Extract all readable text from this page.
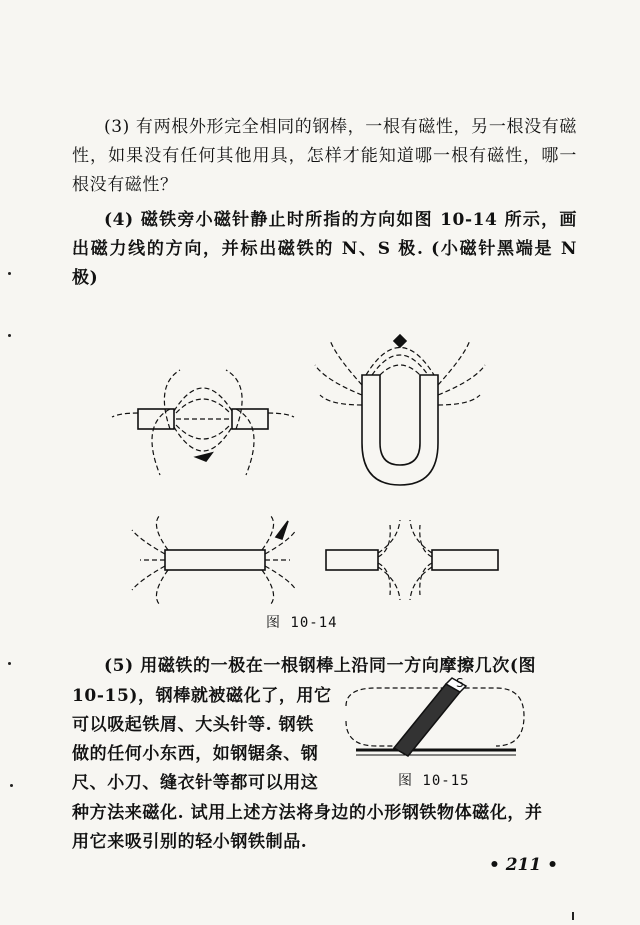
(3) 有两根外形完全相同的钢棒，一根有磁性，另一根没有磁性，如果没有任何其他用具，怎样才能知道哪一根有磁性，哪一根没有磁性？
(4) 磁铁旁小磁针静止时所指的方向如图 10-14 所示，画出磁力线的方向，并标出磁铁的 N、S 极. (小磁针黑端是 N 极)
图 10-14
(5) 用磁铁的一极在一根钢棒上沿同一方向摩擦几次(图
10-15)，钢棒就被磁化了，用它
可以吸起铁屑、大头针等. 钢铁
做的任何小东西，如钢锯条、钢
尺、小刀、缝衣针等都可以用这
种方法来磁化. 试用上述方法将身边的小形钢铁物体磁化，并
用它来吸引别的轻小钢铁制品.
S
图 10-15
• 211 •
